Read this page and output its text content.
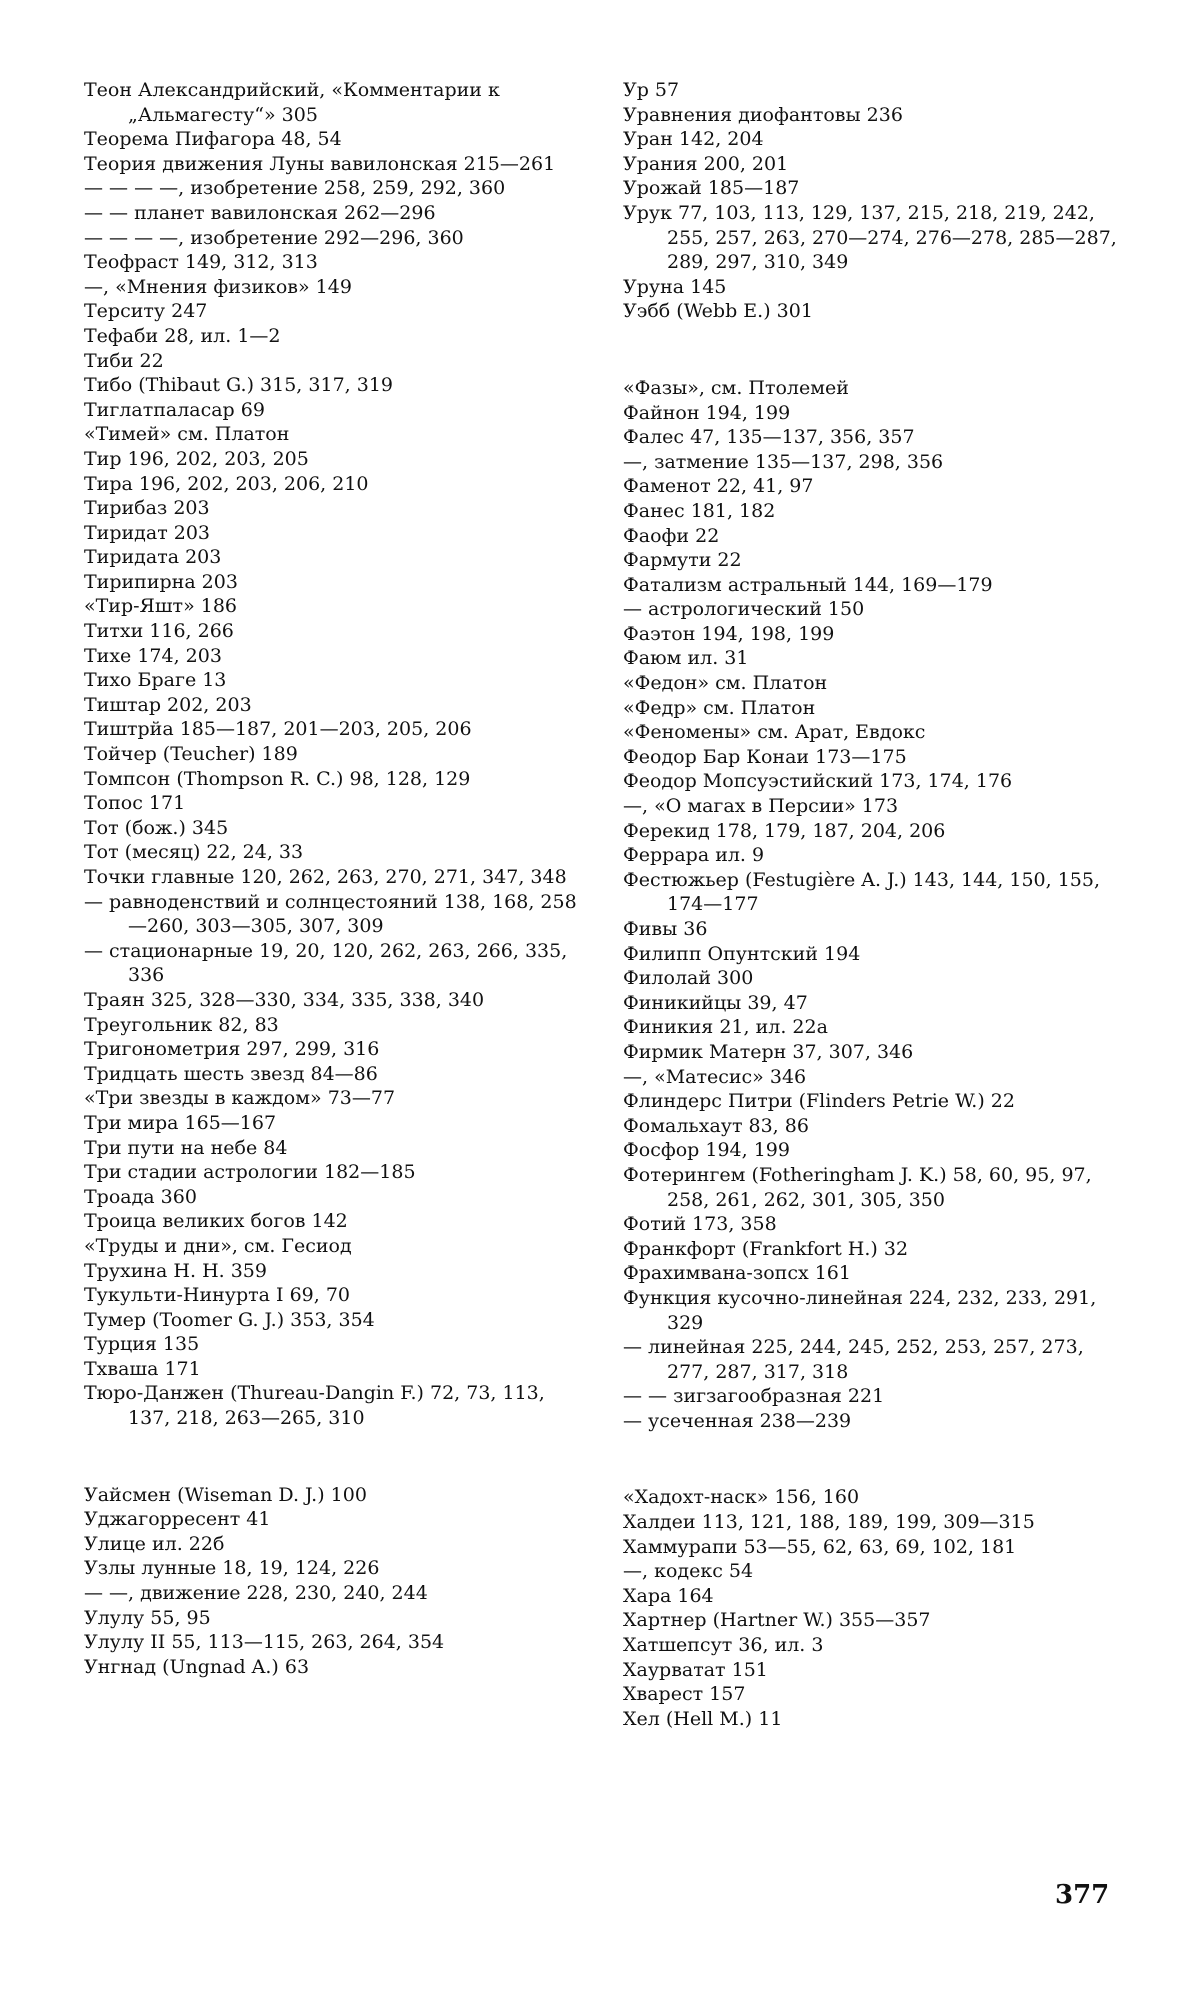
Теон Александрийский, «Комментарии к „Альмагесту“» 305

Теорема Пифагора 48, 54

Теория движения Луны вавилонская 215—261

— — — —, изобретение 258, 259, 292, 360

— — планет вавилонская 262—296

— — — —, изобретение 292—296, 360

Теофраст 149, 312, 313

—, «Мнения физиков» 149

Терситу 247

Тефаби 28, ил. 1—2

Тиби 22

Тибо (Thibaut G.) 315, 317, 319

Тиглатпаласар 69

«Тимей» см. Платон

Тир 196, 202, 203, 205

Тира 196, 202, 203, 206, 210

Тирибаз 203

Тиридат 203

Тиридата 203

Тирипирна 203

«Тир-Яшт» 186

Титхи 116, 266

Тихе 174, 203

Тихо Браге 13

Тиштар 202, 203

Тиштрйа 185—187, 201—203, 205, 206

Тойчер (Teucher) 189

Томпсон (Thompson R. C.) 98, 128, 129

Топос 171

Тот (бож.) 345

Тот (месяц) 22, 24, 33

Точки главные 120, 262, 263, 270, 271, 347, 348

— равноденствий и солнцестояний 138, 168, 258—260, 303—305, 307, 309

— стационарные 19, 20, 120, 262, 263, 266, 335, 336

Траян 325, 328—330, 334, 335, 338, 340

Треугольник 82, 83

Тригонометрия 297, 299, 316

Тридцать шесть звезд 84—86

«Три звезды в каждом» 73—77

Три мира 165—167

Три пути на небе 84

Три стадии астрологии 182—185

Троада 360

Троица великих богов 142

«Труды и дни», см. Гесиод

Трухина Н. Н. 359

Тукульти-Нинурта I 69, 70

Тумер (Toomer G. J.) 353, 354

Турция 135

Тхваша 171

Тюро-Данжен (Thureau-Dangin F.) 72, 73, 113, 137, 218, 263—265, 310

Уайсмен (Wiseman D. J.) 100

Уджагорресент 41

Улице ил. 22б

Узлы лунные 18, 19, 124, 226

— —, движение 228, 230, 240, 244

Улулу 55, 95

Улулу II 55, 113—115, 263, 264, 354

Унгнад (Ungnad A.) 63

Ур 57

Уравнения диофантовы 236

Уран 142, 204

Урания 200, 201

Урожай 185—187

Урук 77, 103, 113, 129, 137, 215, 218, 219, 242, 255, 257, 263, 270—274, 276—278, 285—287, 289, 297, 310, 349

Уруна 145

Уэбб (Webb E.) 301

«Фазы», см. Птолемей

Файнон 194, 199

Фалес 47, 135—137, 356, 357

—, затмение 135—137, 298, 356

Фаменот 22, 41, 97

Фанес 181, 182

Фаофи 22

Фармути 22

Фатализм астральный 144, 169—179

— астрологический 150

Фаэтон 194, 198, 199

Фаюм ил. 31

«Федон» см. Платон

«Федр» см. Платон

«Феномены» см. Арат, Евдокс

Феодор Бар Конаи 173—175

Феодор Мопсуэстийский 173, 174, 176

—, «О магах в Персии» 173

Ферекид 178, 179, 187, 204, 206

Феррара ил. 9

Фестюжьер (Festugière A. J.) 143, 144, 150, 155, 174—177

Фивы 36

Филипп Опунтский 194

Филолай 300

Финикийцы 39, 47

Финикия 21, ил. 22а

Фирмик Матерн 37, 307, 346

—, «Матесис» 346

Флиндерс Питри (Flinders Petrie W.) 22

Фомальхаут 83, 86

Фосфор 194, 199

Фотерингем (Fotheringham J. K.) 58, 60, 95, 97, 258, 261, 262, 301, 305, 350

Фотий 173, 358

Франкфорт (Frankfort H.) 32

Фрахимвана-зопсх 161

Функция кусочно-линейная 224, 232, 233, 291, 329

— линейная 225, 244, 245, 252, 253, 257, 273, 277, 287, 317, 318

— — зигзагообразная 221

— усеченная 238—239

«Хадохт-наск» 156, 160

Халдеи 113, 121, 188, 189, 199, 309—315

Хаммурапи 53—55, 62, 63, 69, 102, 181

—, кодекс 54

Хара 164

Хартнер (Hartner W.) 355—357

Хатшепсут 36, ил. 3

Хаурватат 151

Хварест 157

Хел (Hell M.) 11

377
